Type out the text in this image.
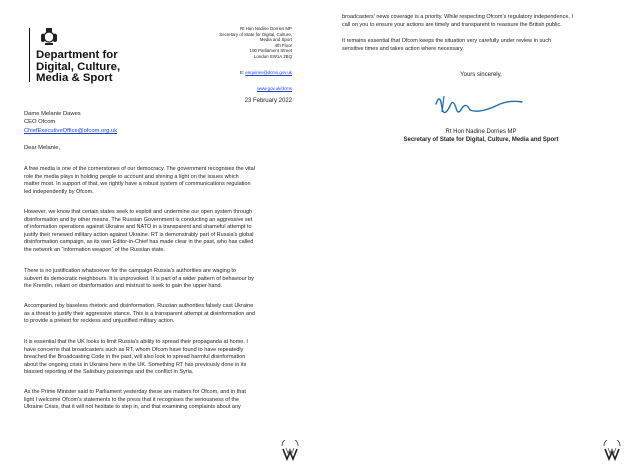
Department for
Digital, Culture,
Media & Sport
Rt Hon Nadine Dorries MP
Secretary of State for Digital, Culture,
Media and Sport
4th Floor
100 Parliament Street
London SW1A 2BQ
E: enquiries@dcms.gov.uk
www.gov.uk/dcms
23 February 2022
Dame Melanie Dawes
CEO Ofcom
ChiefExecutiveOffice@ofcom.org.uk
Dear Melanie,
A free media is one of the cornerstones of our democracy. The government recognises the vital
role the media plays in holding people to account and shining a light on the issues which
matter most. In support of that, we rightly have a robust system of communications regulation
led independently by Ofcom.
However, we know that certain states seek to exploit and undermine our open system through
disinformation and by other means. The Russian Government is conducting an aggressive set
of information operations against Ukraine and NATO in a transparent and shameful attempt to
justify their renewed military action against Ukraine. RT is demonstrably part of Russia's global
disinformation campaign, as its own Editor-in-Chief has made clear in the past, who has called
the network an “information weapon” of the Russian state.
There is no justification whatsoever for the campaign Russia's authorities are waging to
subvert its democratic neighbours. It is unprovoked. It is part of a wider pattern of behaviour by
the Kremlin, reliant on disinformation and mistrust to seek to gain the upper hand.
Accompanied by baseless rhetoric and disinformation, Russian authorities falsely cast Ukraine
as a threat to justify their aggressive stance. This is a transparent attempt at disinformation and
to provide a pretext for reckless and unjustified military action.
It is essential that the UK looks to limit Russia's ability to spread their propaganda at home. I
have concerns that broadcasters such as RT, whom Ofcom have found to have repeatedly
breached the Broadcasting Code in the past, will also look to spread harmful disinformation
about the ongoing crisis in Ukraine here in the UK. Something RT has previously done in its
biassed reporting of the Salisbury poisonings and the conflict in Syria.
As the Prime Minister said to Parliament yesterday these are matters for Ofcom, and in that
light I welcome Ofcom's statements to the press that it recognises the seriousness of the
Ukraine Crisis, that it will not hesitate to step in, and that examining complaints about any
broadcasters' news coverage is a priority. While respecting Ofcom's regulatory independence, I
call on you to ensure your actions are timely and transparent to reassure the British public.
It remains essential that Ofcom keeps the situation very carefully under review in such
sensitive times and takes action where necessary.
Yours sincerely,
Rt Hon Nadine Dorries MP
Secretary of State for Digital, Culture, Media and Sport
